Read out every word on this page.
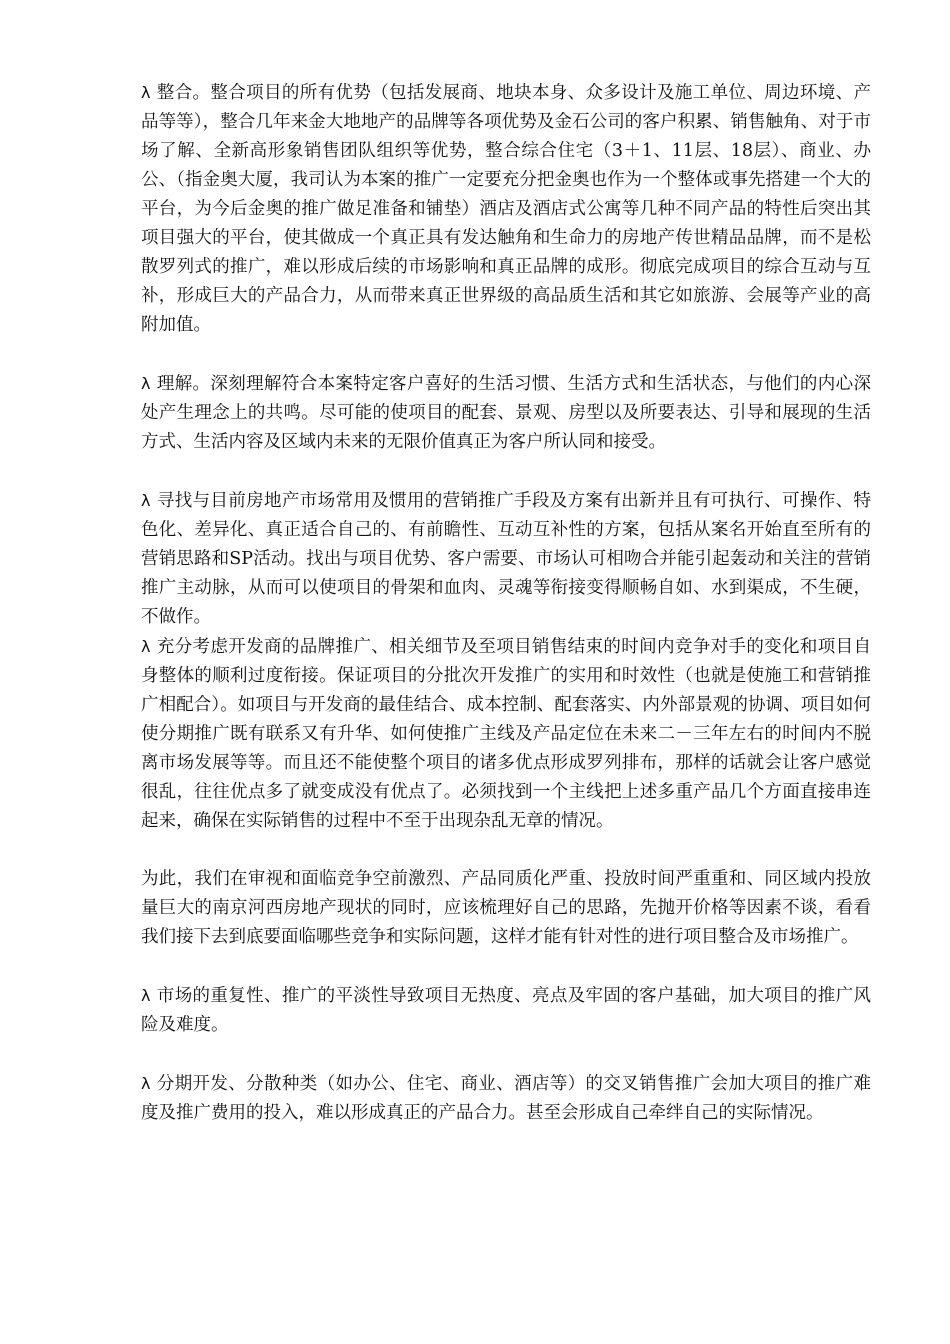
λ 整合。整合项目的所有优势（包括发展商、地块本身、众多设计及施工单位、周边环境、产品等等），整合几年来金大地地产的品牌等各项优势及金石公司的客户积累、销售触角、对于市场了解、全新高形象销售团队组织等优势，整合综合住宅（3＋1、11层、18层）、商业、办公、（指金奥大厦，我司认为本案的推广一定要充分把金奥也作为一个整体或事先搭建一个大的平台，为今后金奥的推广做足准备和铺垫）酒店及酒店式公寓等几种不同产品的特性后突出其项目强大的平台，使其做成一个真正具有发达触角和生命力的房地产传世精品品牌，而不是松散罗列式的推广，难以形成后续的市场影响和真正品牌的成形。彻底完成项目的综合互动与互补，形成巨大的产品合力，从而带来真正世界级的高品质生活和其它如旅游、会展等产业的高附加值。

λ 理解。深刻理解符合本案特定客户喜好的生活习惯、生活方式和生活状态，与他们的内心深处产生理念上的共鸣。尽可能的使项目的配套、景观、房型以及所要表达、引导和展现的生活方式、生活内容及区域内未来的无限价值真正为客户所认同和接受。

λ 寻找与目前房地产市场常用及惯用的营销推广手段及方案有出新并且有可执行、可操作、特色化、差异化、真正适合自己的、有前瞻性、互动互补性的方案，包括从案名开始直至所有的营销思路和SP活动。找出与项目优势、客户需要、市场认可相吻合并能引起轰动和关注的营销推广主动脉，从而可以使项目的骨架和血肉、灵魂等衔接变得顺畅自如、水到渠成，不生硬，不做作。

λ 充分考虑开发商的品牌推广、相关细节及至项目销售结束的时间内竞争对手的变化和项目自身整体的顺利过度衔接。保证项目的分批次开发推广的实用和时效性（也就是使施工和营销推广相配合）。如项目与开发商的最佳结合、成本控制、配套落实、内外部景观的协调、项目如何使分期推广既有联系又有升华、如何使推广主线及产品定位在未来二－三年左右的时间内不脱离市场发展等等。而且还不能使整个项目的诸多优点形成罗列排布，那样的话就会让客户感觉很乱，往往优点多了就变成没有优点了。必须找到一个主线把上述多重产品几个方面直接串连起来，确保在实际销售的过程中不至于出现杂乱无章的情况。

为此，我们在审视和面临竞争空前激烈、产品同质化严重、投放时间严重重和、同区域内投放量巨大的南京河西房地产现状的同时，应该梳理好自己的思路，先抛开价格等因素不谈，看看我们接下去到底要面临哪些竞争和实际问题，这样才能有针对性的进行项目整合及市场推广。

λ 市场的重复性、推广的平淡性导致项目无热度、亮点及牢固的客户基础，加大项目的推广风险及难度。

λ 分期开发、分散种类（如办公、住宅、商业、酒店等）的交叉销售推广会加大项目的推广难度及推广费用的投入，难以形成真正的产品合力。甚至会形成自己牵绊自己的实际情况。
